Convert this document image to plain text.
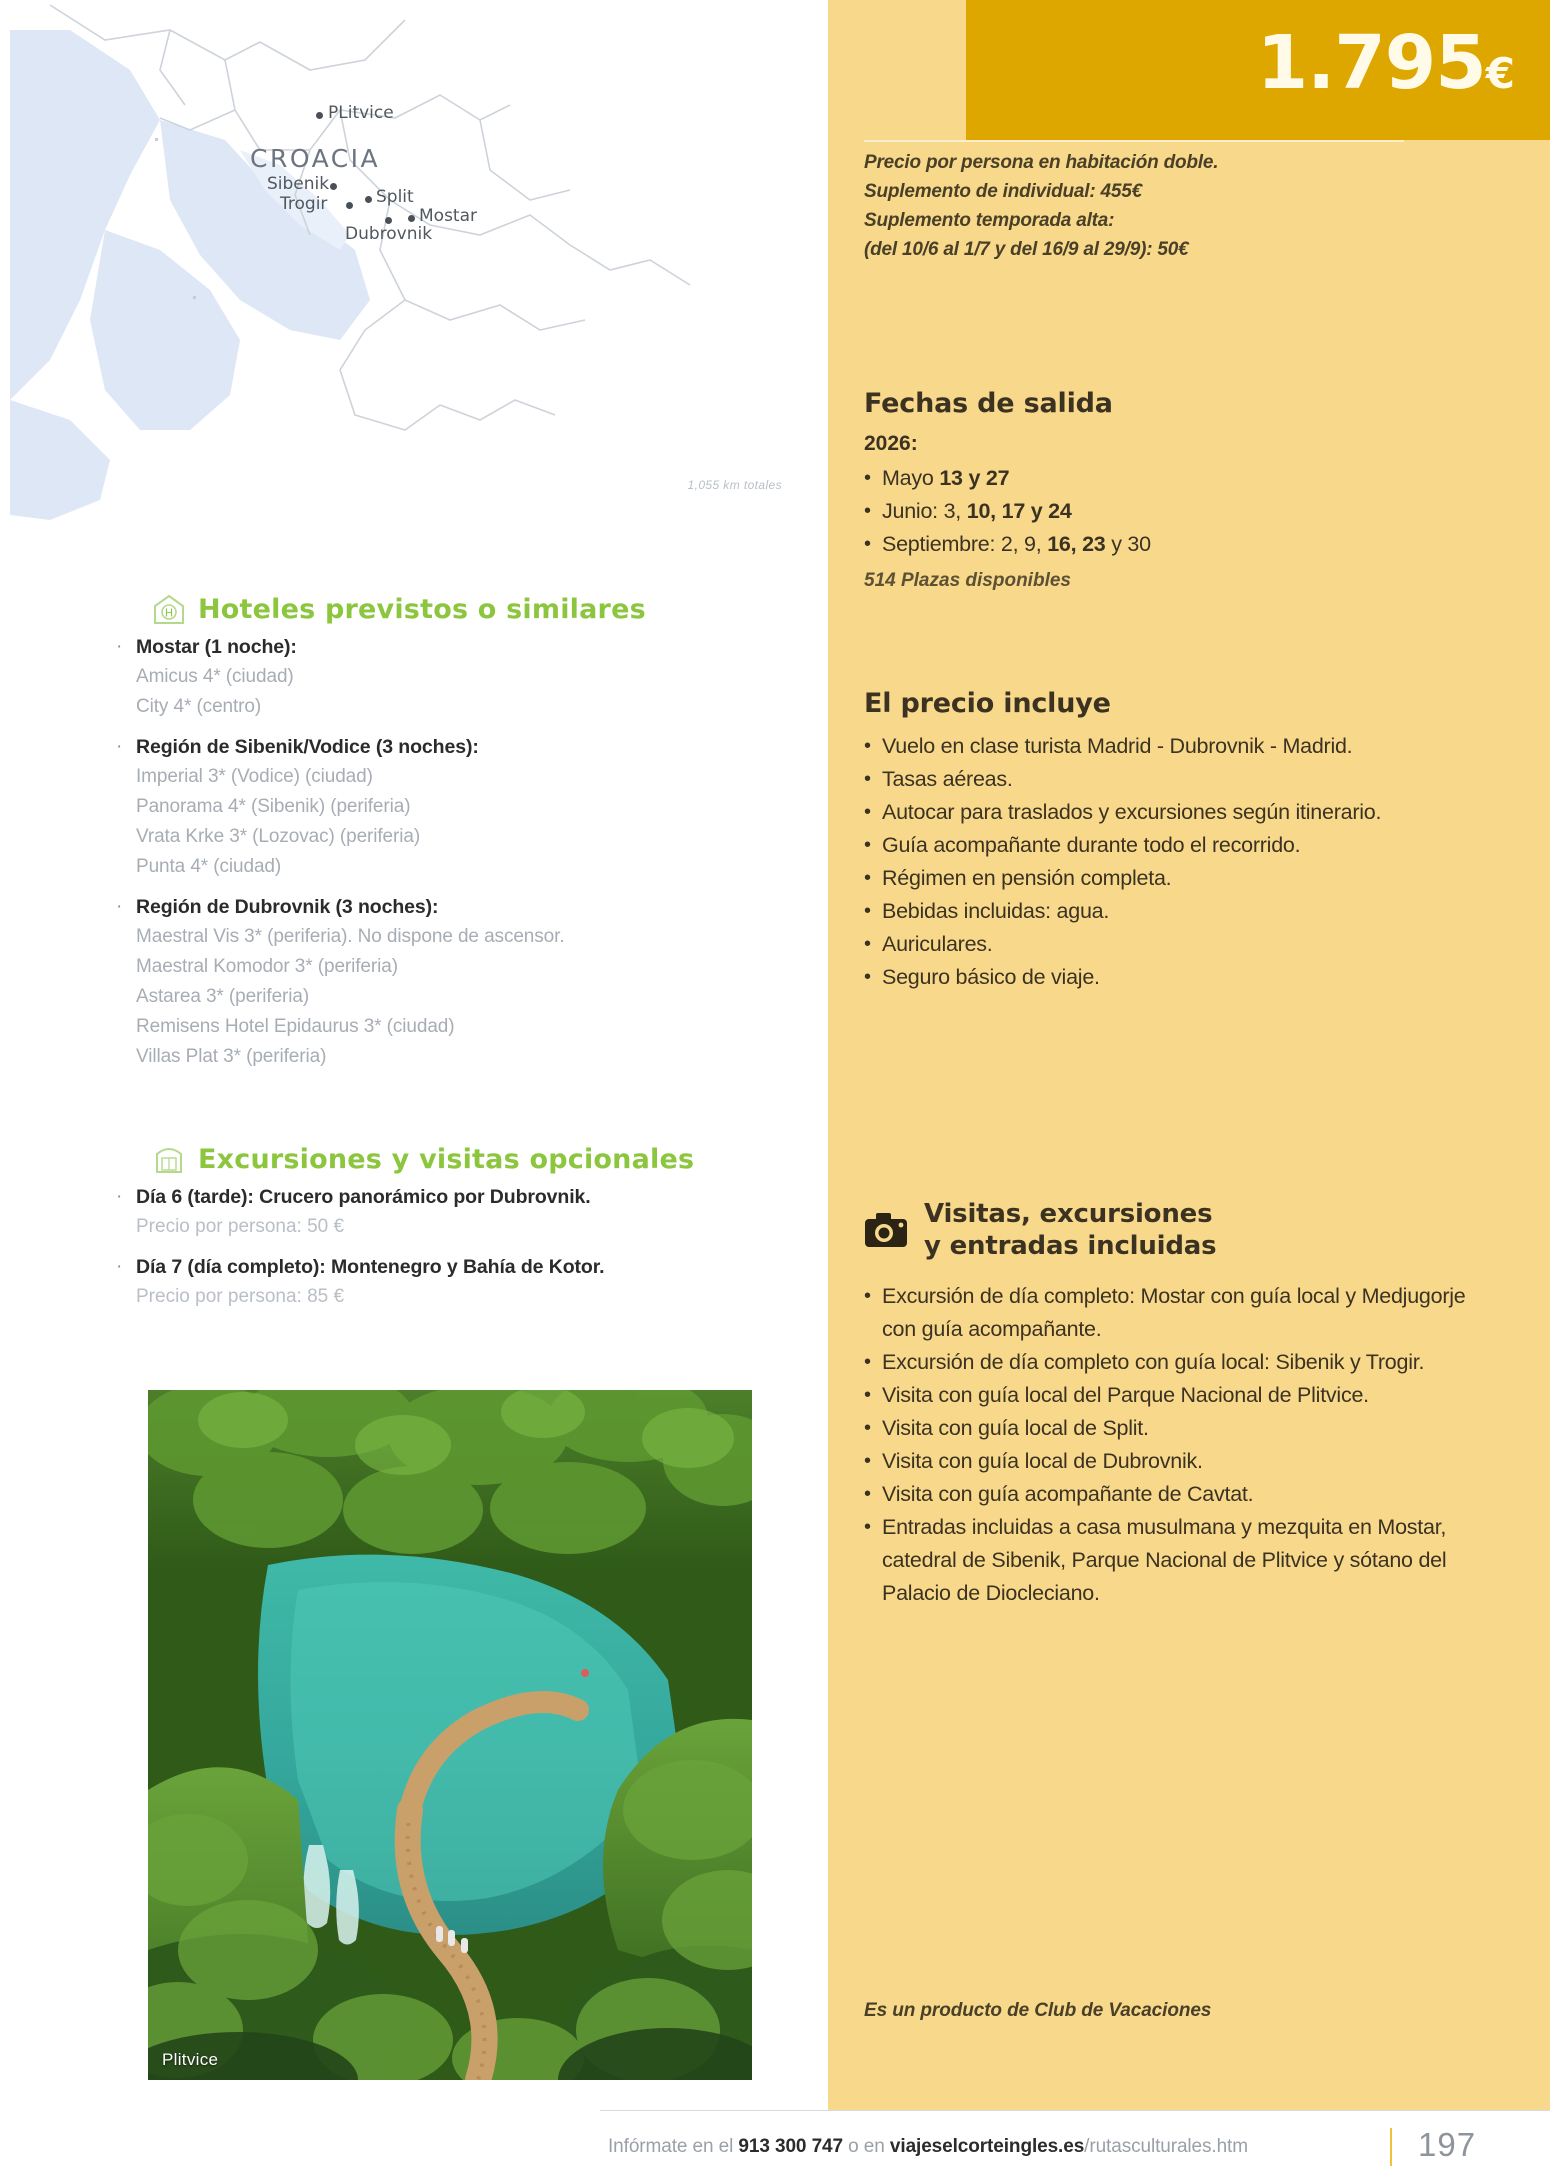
CROACIA
PLitvice
Sibenik
Trogir	Split
Mostar
Dubrovnik
1,055 km totales
H Hoteles previstos o similares
· Mostar (1 noche):
Amicus 4* (ciudad)
City 4* (centro)
· Región de Sibenik/Vodice (3 noches):
Imperial 3* (Vodice) (ciudad)
Panorama 4* (Sibenik) (periferia)
Vrata Krke 3* (Lozovac) (periferia)
Punta 4* (ciudad)
· Región de Dubrovnik (3 noches):
Maestral Vis 3* (periferia). No dispone de ascensor.
Maestral Komodor 3* (periferia)
Astarea 3* (periferia)
Remisens Hotel Epidaurus 3* (ciudad)
Villas Plat 3* (periferia)
Excursiones y visitas opcionales
· Día 6 (tarde): Crucero panorámico por Dubrovnik.
Precio por persona: 50 €
· Día 7 (día completo): Montenegro y Bahía de Kotor.
Precio por persona: 85 €
Plitvice
1.795€
Precio por persona en habitación doble.
Suplemento de individual: 455€
Suplemento temporada alta:
(del 10/6 al 1/7 y del 16/9 al 29/9): 50€
Fechas de salida
2026:
• Mayo 13 y 27
• Junio: 3, 10, 17 y 24
• Septiembre: 2, 9, 16, 23 y 30
514 Plazas disponibles
El precio incluye
• Vuelo en clase turista Madrid - Dubrovnik - Madrid.
• Tasas aéreas.
• Autocar para traslados y excursiones según itinerario.
• Guía acompañante durante todo el recorrido.
• Régimen en pensión completa.
• Bebidas incluidas: agua.
• Auriculares.
• Seguro básico de viaje.
Visitas, excursiones
y entradas incluidas
• Excursión de día completo: Mostar con guía local y Medjugorje con guía acompañante.
• Excursión de día completo con guía local: Sibenik y Trogir.
• Visita con guía local del Parque Nacional de Plitvice.
• Visita con guía local de Split.
• Visita con guía local de Dubrovnik.
• Visita con guía acompañante de Cavtat.
• Entradas incluidas a casa musulmana y mezquita en Mostar, catedral de Sibenik, Parque Nacional de Plitvice y sótano del Palacio de Diocleciano.
Es un producto de Club de Vacaciones
Infórmate en el 913 300 747 o en viajeselcorteingles.es/rutasculturales.htm	197
